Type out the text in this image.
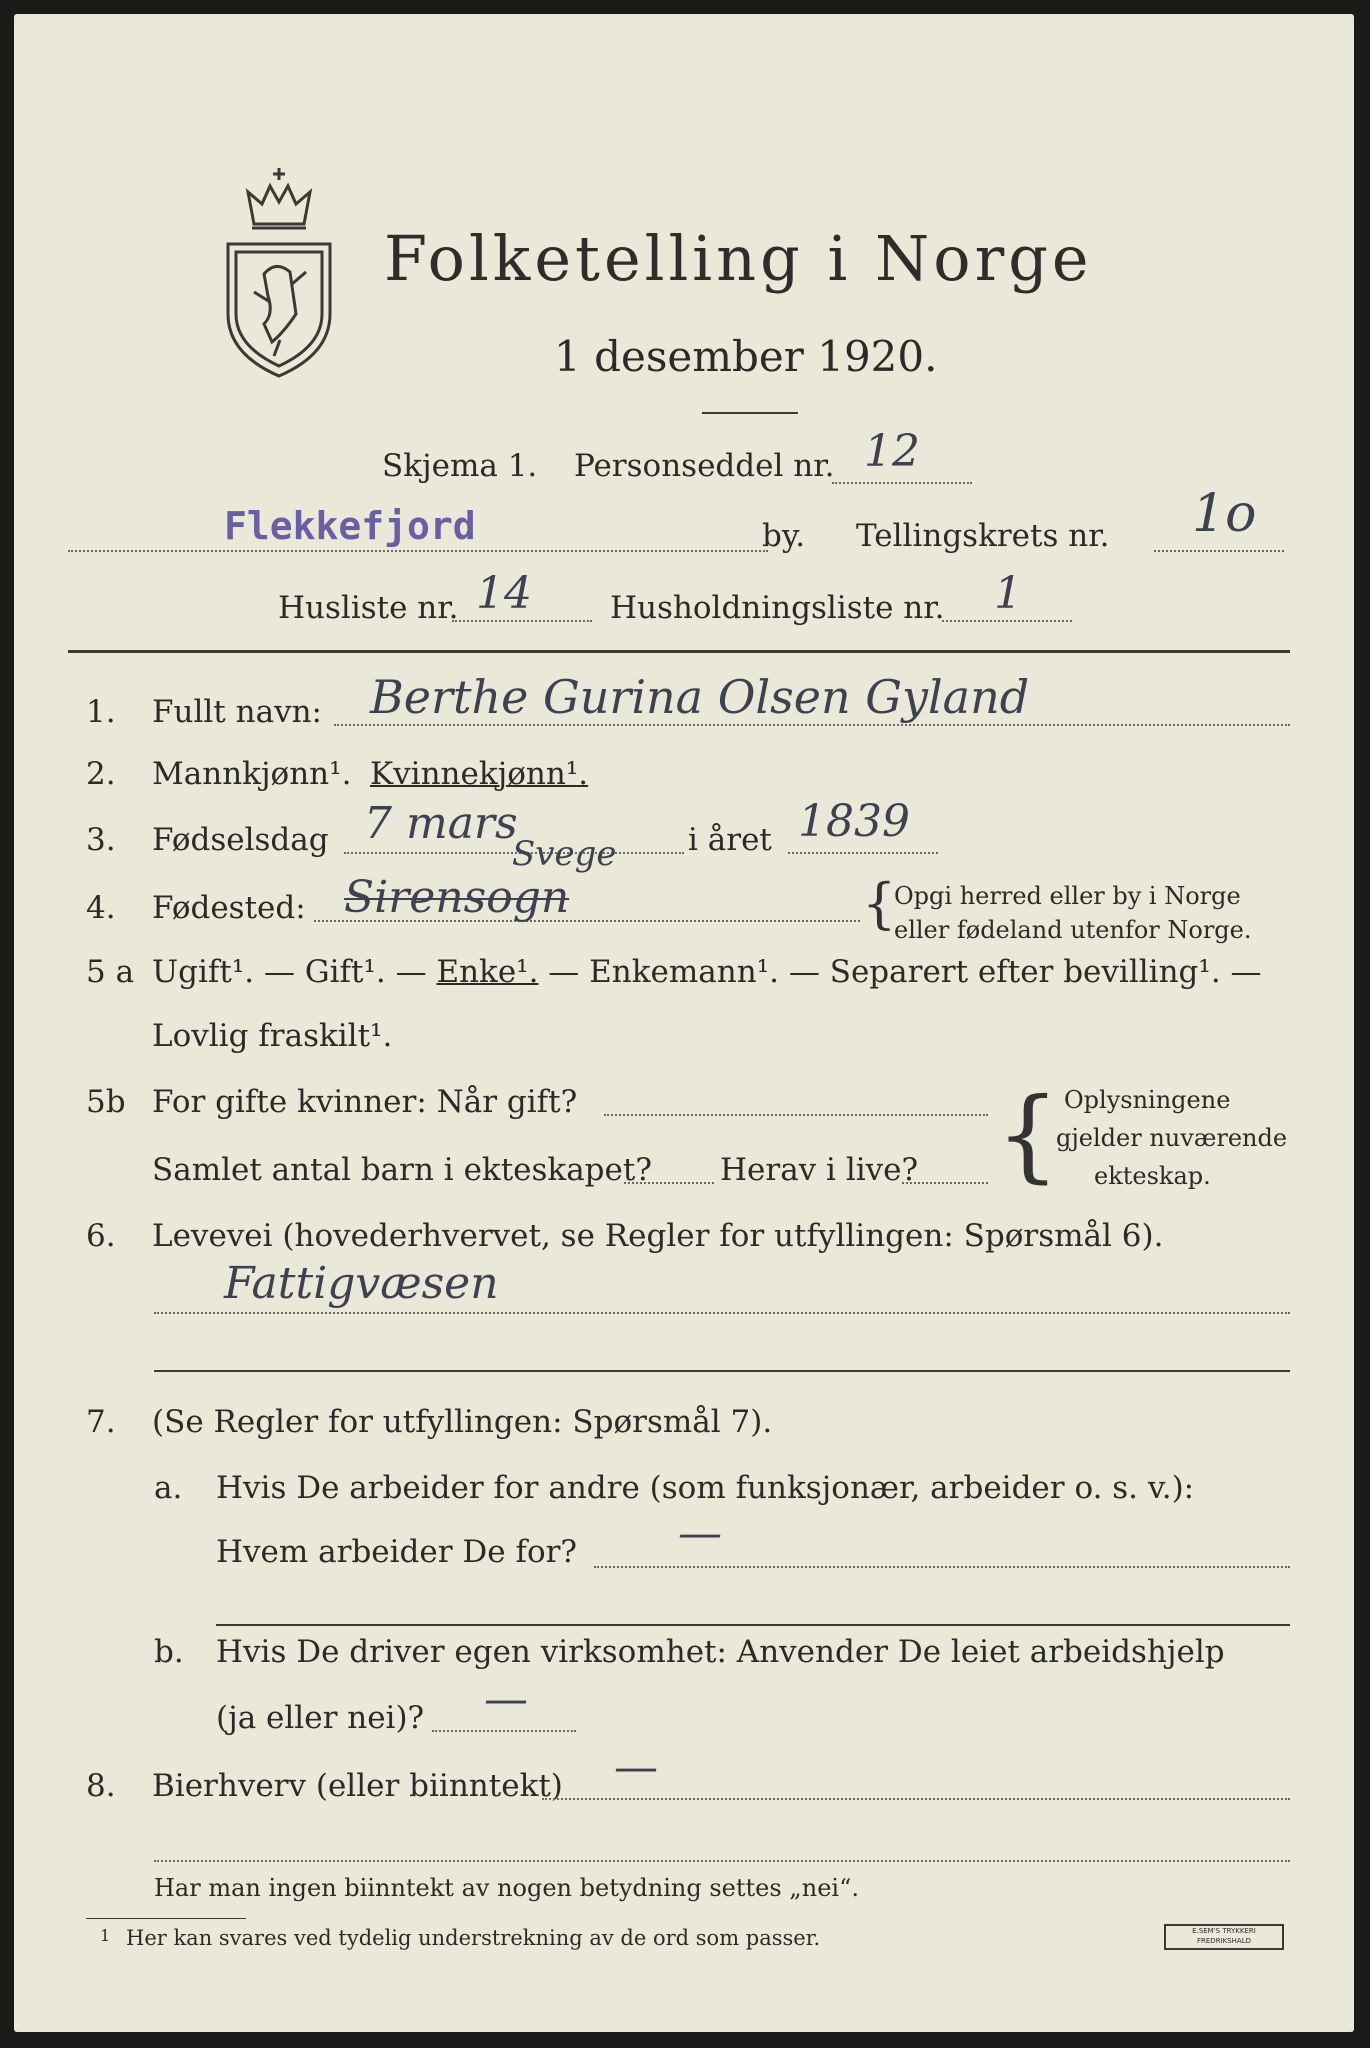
Folketelling i Norge
1 desember 1920.
Skjema 1. Personseddel nr. 12
Flekkefjord	by. Tellingskrets nr. 1o
Husliste nr. 14	Husholdningsliste nr. 1
1. Fullt navn: Berthe Gurina Olsen Gyland
2. Mannkjønn¹. Kvinnekjønn¹.
3. Fødselsdag 7 mars	i året 1839
4. Fødested:
Svege
Sirensogn	{
Opgi herred eller by i Norge
eller fødeland utenfor Norge.
5 a Ugift¹. — Gift¹. — Enke¹. — Enkemann¹. — Separert efter bevilling¹. —
Lovlig fraskilt¹.
5b For gifte kvinner: Når gift?
Samlet antal barn i ekteskapet? Herav i live? { Oplysningene
gjelder nuværende
ekteskap.
6. Levevei (hovederhvervet, se Regler for utfyllingen: Spørsmål 6).
Fattigvæsen
7. (Se Regler for utfyllingen: Spørsmål 7).
a. Hvis De arbeider for andre (som funksjonær, arbeider o. s. v.):
Hvem arbeider De for? —
b. Hvis De driver egen virksomhet: Anvender De leiet arbeidshjelp
(ja eller nei)? —
8. Bierhverv (eller biinntekt) —
Har man ingen biinntekt av nogen betydning settes „nei“.
1 Her kan svares ved tydelig understrekning av de ord som passer.	E.SEM'S TRYKKERI
FREDRIKSHALD
